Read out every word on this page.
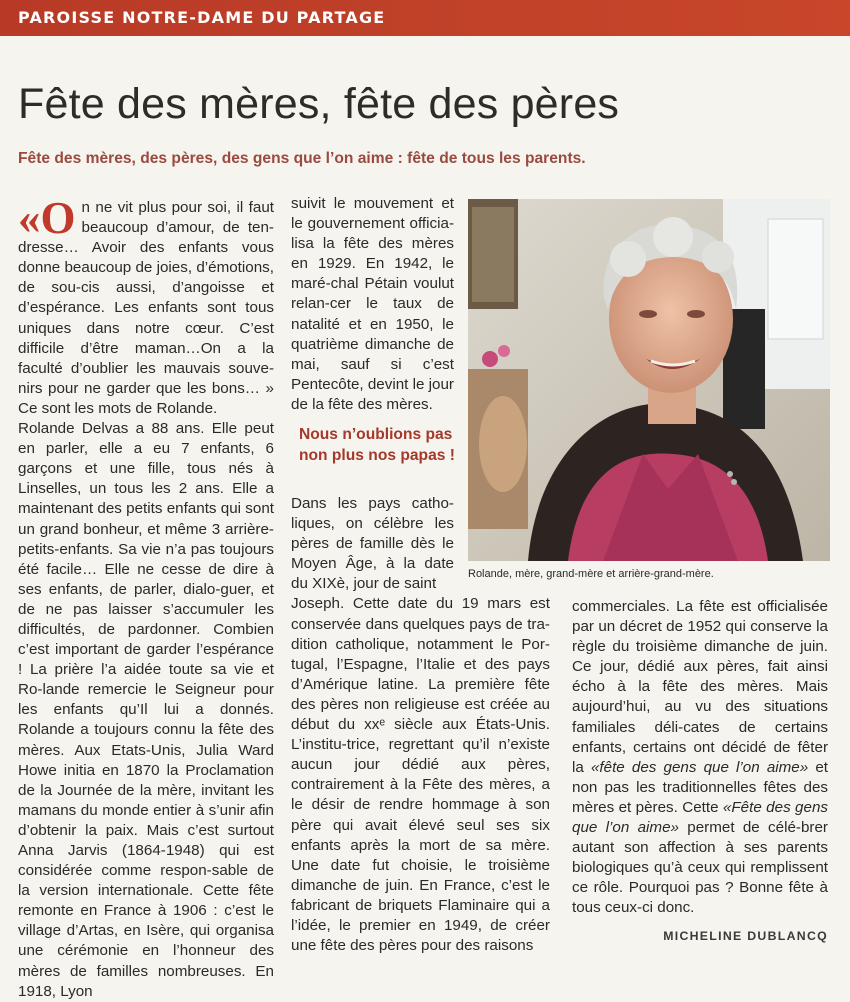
PAROISSE NOTRE-DAME DU PARTAGE
Fête des mères, fête des pères
Fête des mères, des pères, des gens que l’on aime : fête de tous les parents.

«On ne vit plus pour soi, il faut beaucoup d’amour, de ten-dresse… Avoir des enfants vous donne beaucoup de joies, d’émotions, de sou-cis aussi, d’angoisse et d’espérance. Les enfants sont tous uniques dans notre cœur. C’est difficile d’être maman…On a la faculté d’oublier les mauvais souve-nirs pour ne garder que les bons… » Ce sont les mots de Rolande.

Rolande Delvas a 88 ans. Elle peut en parler, elle a eu 7 enfants, 6 garçons et une fille, tous nés à Linselles, un tous les 2 ans. Elle a maintenant des petits enfants qui sont un grand bonheur, et même 3 arrière-petits-enfants. Sa vie n’a pas toujours été facile… Elle ne cesse de dire à ses enfants, de parler, dialo-guer, et de ne pas laisser s’accumuler les difficultés, de pardonner. Combien c’est important de garder l’espérance ! La prière l’a aidée toute sa vie et Ro-lande remercie le Seigneur pour les enfants qu’Il lui a donnés. Rolande a toujours connu la fête des mères. Aux Etats-Unis, Julia Ward Howe initia en 1870 la Proclamation de la Journée de la mère, invitant les mamans du monde entier à s’unir afin d’obtenir la paix. Mais c’est surtout Anna Jarvis (1864-1948) qui est considérée comme respon-sable de la version internationale. Cette fête remonte en France à 1906 : c’est le village d’Artas, en Isère, qui organisa une cérémonie en l’honneur des mères de familles nombreuses. En 1918, Lyon

suivit le mouvement et le gouvernement officia-lisa la fête des mères en 1929. En 1942, le maré-chal Pétain voulut relan-cer le taux de natalité et en 1950, le quatrième dimanche de mai, sauf si c’est Pentecôte, devint le jour de la fête des mères.

Nous n’oublions pas non plus nos papas !

Dans les pays catho-liques, on célèbre les pères de famille dès le Moyen Âge, à la date du XIXè, jour de saint

Joseph. Cette date du 19 mars est conservée dans quelques pays de tra-dition catholique, notamment le Por-tugal, l’Espagne, l’Italie et des pays d’Amérique latine. La première fête des pères non religieuse est créée au début du xxᵉ siècle aux États-Unis. L’institu-trice, regrettant qu’il n’existe aucun jour dédié aux pères, contrairement à la Fête des mères, a le désir de rendre hommage à son père qui avait élevé seul ses six enfants après la mort de sa mère. Une date fut choisie, le troisième dimanche de juin. En France, c’est le fabricant de briquets Flaminaire qui a l’idée, le premier en 1949, de créer une fête des pères pour des raisons

Rolande, mère, grand-mère et arrière-grand-mère.

commerciales. La fête est officialisée par un décret de 1952 qui conserve la règle du troisième dimanche de juin. Ce jour, dédié aux pères, fait ainsi écho à la fête des mères. Mais aujourd’hui, au vu des situations familiales déli-cates de certains enfants, certains ont décidé de fêter la «fête des gens que l’on aime» et non pas les traditionnelles fêtes des mères et pères. Cette «Fête des gens que l’on aime» permet de célé-brer autant son affection à ses parents biologiques qu’à ceux qui remplissent ce rôle. Pourquoi pas ? Bonne fête à tous ceux-ci donc.

MICHELINE DUBLANCQ
